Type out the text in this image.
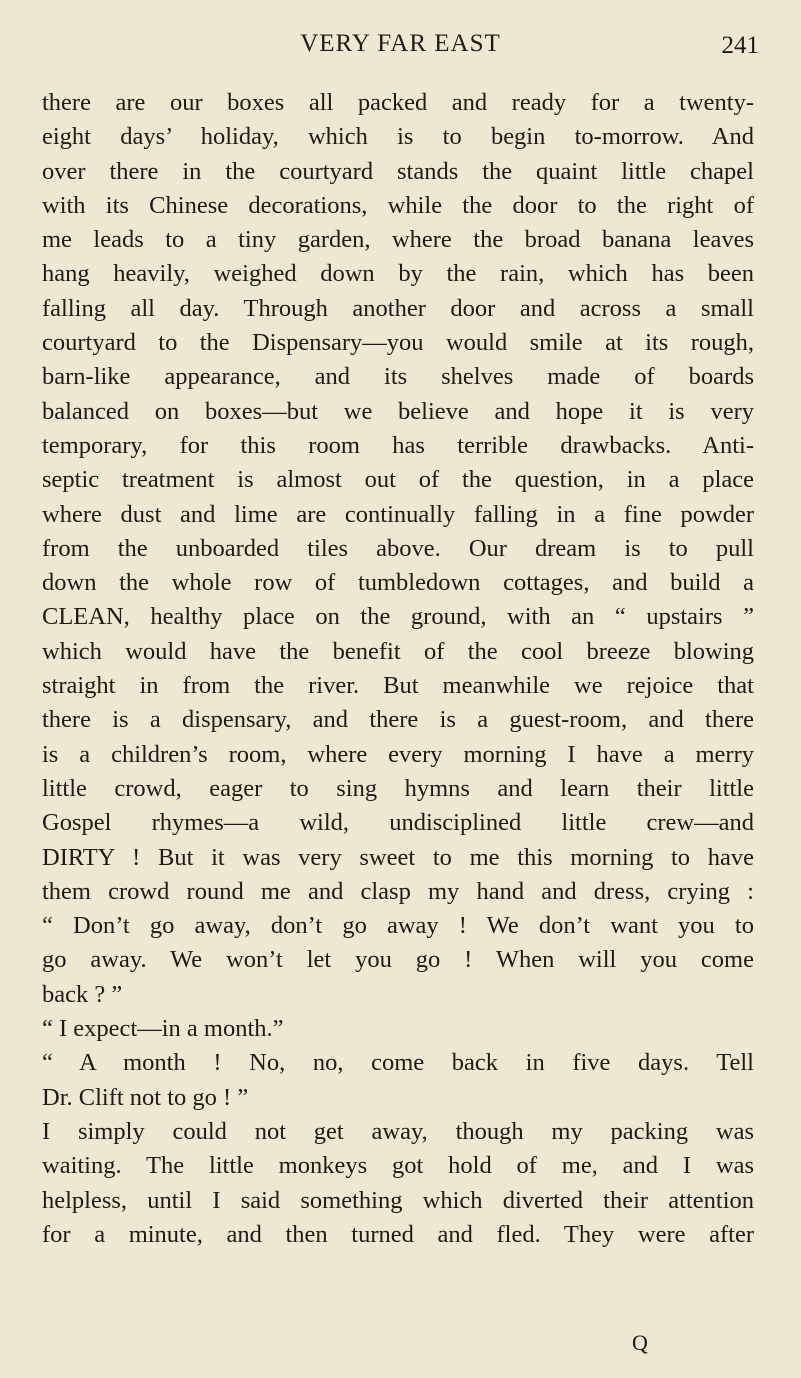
VERY FAR EAST	241
there are our boxes all packed and ready for a twenty-
eight days’ holiday, which is to begin to-morrow. And
over there in the courtyard stands the quaint little chapel
with its Chinese decorations, while the door to the right of
me leads to a tiny garden, where the broad banana leaves
hang heavily, weighed down by the rain, which has been
falling all day. Through another door and across a small
courtyard to the Dispensary—you would smile at its rough,
barn-like appearance, and its shelves made of boards
balanced on boxes—but we believe and hope it is very
temporary, for this room has terrible drawbacks. Anti-
septic treatment is almost out of the question, in a place
where dust and lime are continually falling in a fine powder
from the unboarded tiles above. Our dream is to pull
down the whole row of tumbledown cottages, and build a
CLEAN, healthy place on the ground, with an “ upstairs ”
which would have the benefit of the cool breeze blowing
straight in from the river. But meanwhile we rejoice that
there is a dispensary, and there is a guest-room, and there
is a children’s room, where every morning I have a merry
little crowd, eager to sing hymns and learn their little
Gospel rhymes—a wild, undisciplined little crew—and
DIRTY ! But it was very sweet to me this morning to have
them crowd round me and clasp my hand and dress, crying :
“ Don’t go away, don’t go away ! We don’t want you to
go away. We won’t let you go ! When will you come
back ? ”
“ I expect—in a month.”
“ A month ! No, no, come back in five days. Tell
Dr. Clift not to go ! ”
I simply could not get away, though my packing was
waiting. The little monkeys got hold of me, and I was
helpless, until I said something which diverted their attention
for a minute, and then turned and fled. They were after
Q
